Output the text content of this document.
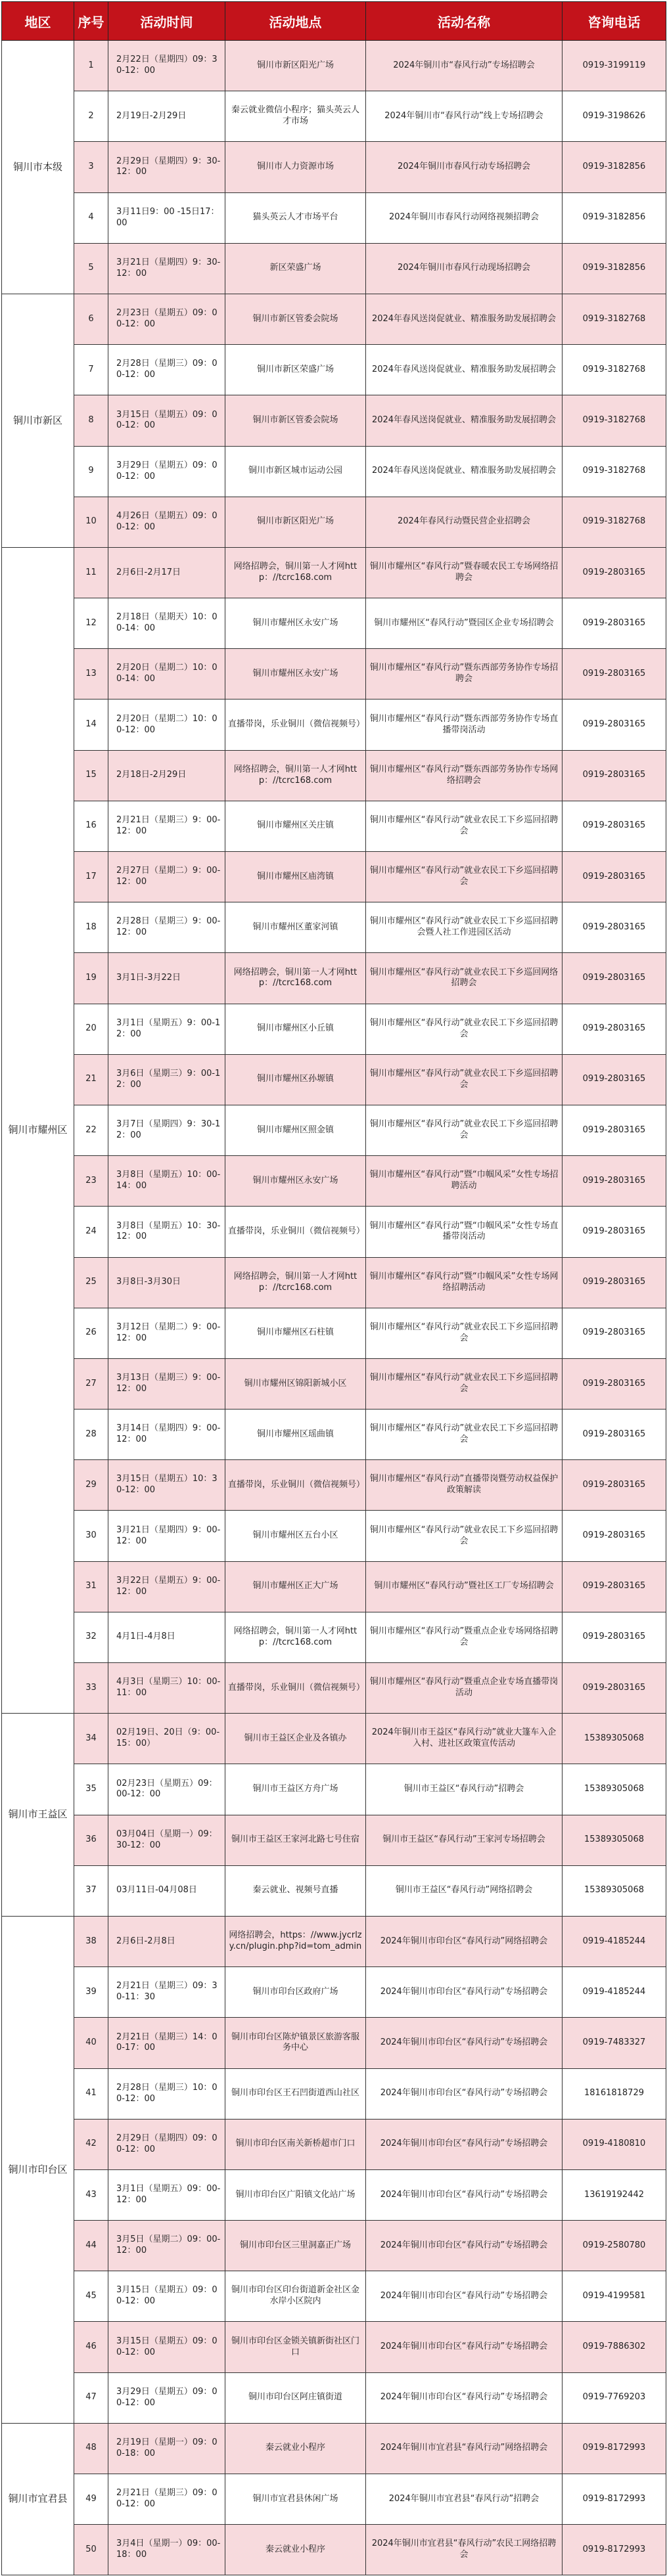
地区	序号	活动时间	活动地点	活动名称	咨询电话
铜川市本级	1	2月22日（星期四）09：30-12：00	铜川市新区阳光广场	2024年铜川市“春风行动”专场招聘会	0919-3199119
	2	2月19日-2月29日	秦云就业微信小程序；猫头英云人才市场	2024年铜川市“春风行动”线上专场招聘会	0919-3198626
	3	2月29日（星期四）9：30-12：00	铜川市人力资源市场	2024年铜川市春风行动专场招聘会	0919-3182856
	4	3月11日9：00 -15日17：00	猫头英云人才市场平台	2024年铜川市春风行动网络视频招聘会	0919-3182856
	5	3月21日（星期四）9：30-12：00	新区荣盛广场	2024年铜川市春风行动现场招聘会	0919-3182856
铜川市新区	6	2月23日（星期五）09：00-12：00	铜川市新区管委会院场	2024年春风送岗促就业、精准服务助发展招聘会	0919-3182768
	7	2月28日（星期三）09：00-12：00	铜川市新区荣盛广场	2024年春风送岗促就业、精准服务助发展招聘会	0919-3182768
	8	3月15日（星期五）09：00-12：00	铜川市新区管委会院场	2024年春风送岗促就业、精准服务助发展招聘会	0919-3182768
	9	3月29日（星期五）09：00-12：00	铜川市新区城市运动公园	2024年春风送岗促就业、精准服务助发展招聘会	0919-3182768
	10	4月26日（星期五）09：00-12：00	铜川市新区阳光广场	2024年春风行动暨民营企业招聘会	0919-3182768
铜川市耀州区	11	2月6日-2月17日	网络招聘会，铜川第一人才网http：//tcrc168.com	铜川市耀州区“春风行动”暨春暖农民工专场网络招聘会	0919-2803165
	12	2月18日（星期天）10：00-14：00	铜川市耀州区永安广场	铜川市耀州区“春风行动”暨园区企业专场招聘会	0919-2803165
	13	2月20日（星期二）10：00-14：00	铜川市耀州区永安广场	铜川市耀州区“春风行动”暨东西部劳务协作专场招聘会	0919-2803165
	14	2月20日（星期二）10：00-12：00	直播带岗，乐业铜川（微信视频号）	铜川市耀州区“春风行动”暨东西部劳务协作专场直播带岗活动	0919-2803165
	15	2月18日-2月29日	网络招聘会，铜川第一人才网http：//tcrc168.com	铜川市耀州区“春风行动”暨东西部劳务协作专场网络招聘会	0919-2803165
	16	2月21日（星期三）9：00-12：00	铜川市耀州区关庄镇	铜川市耀州区“春风行动”就业农民工下乡巡回招聘会	0919-2803165
	17	2月27日（星期二）9：00-12：00	铜川市耀州区庙湾镇	铜川市耀州区“春风行动”就业农民工下乡巡回招聘会	0919-2803165
	18	2月28日（星期三）9：00-12：00	铜川市耀州区董家河镇	铜川市耀州区“春风行动”就业农民工下乡巡回招聘会暨人社工作进园区活动	0919-2803165
	19	3月1日-3月22日	网络招聘会，铜川第一人才网http：//tcrc168.com	铜川市耀州区“春风行动”就业农民工下乡巡回网络招聘会	0919-2803165
	20	3月1日（星期五）9：00-12：00	铜川市耀州区小丘镇	铜川市耀州区“春风行动”就业农民工下乡巡回招聘会	0919-2803165
	21	3月6日（星期三）9：00-12：00	铜川市耀州区孙塬镇	铜川市耀州区“春风行动”就业农民工下乡巡回招聘会	0919-2803165
	22	3月7日（星期四）9：30-12：00	铜川市耀州区照金镇	铜川市耀州区“春风行动”就业农民工下乡巡回招聘会	0919-2803165
	23	3月8日（星期五）10：00-14：00	铜川市耀州区永安广场	铜川市耀州区“春风行动”暨“巾帼风采”女性专场招聘活动	0919-2803165
	24	3月8日（星期五）10：30-12：00	直播带岗，乐业铜川（微信视频号）	铜川市耀州区“春风行动”暨“巾帼风采”女性专场直播带岗活动	0919-2803165
	25	3月8日-3月30日	网络招聘会，铜川第一人才网http：//tcrc168.com	铜川市耀州区“春风行动”暨“巾帼风采”女性专场网络招聘活动	0919-2803165
	26	3月12日（星期二）9：00-12：00	铜川市耀州区石柱镇	铜川市耀州区“春风行动”就业农民工下乡巡回招聘会	0919-2803165
	27	3月13日（星期三）9：00-12：00	铜川市耀州区锦阳新城小区	铜川市耀州区“春风行动”就业农民工下乡巡回招聘会	0919-2803165
	28	3月14日（星期四）9：00-12：00	铜川市耀州区瑶曲镇	铜川市耀州区“春风行动”就业农民工下乡巡回招聘会	0919-2803165
	29	3月15日（星期五）10：30-12：00	直播带岗，乐业铜川（微信视频号）	铜川市耀州区“春风行动”直播带岗暨劳动权益保护政策解读	0919-2803165
	30	3月21日（星期四）9：00-12：00	铜川市耀州区五台小区	铜川市耀州区“春风行动”就业农民工下乡巡回招聘会	0919-2803165
	31	3月22日（星期五）9：00-12：00	铜川市耀州区正大广场	铜川市耀州区“春风行动”暨社区工厂专场招聘会	0919-2803165
	32	4月1日-4月8日	网络招聘会，铜川第一人才网http：//tcrc168.com	铜川市耀州区“春风行动”暨重点企业专场网络招聘会	0919-2803165
	33	4月3日（星期三）10：00-11：00	直播带岗，乐业铜川（微信视频号）	铜川市耀州区“春风行动”暨重点企业专场直播带岗活动	0919-2803165
铜川市王益区	34	02月19日、20日（9：00-15：00）	铜川市王益区企业及各镇办	2024年铜川市王益区“春风行动”就业大篷车入企入村、进社区政策宣传活动	15389305068
	35	02月23日（星期五）09：00-12：00	铜川市王益区方舟广场	铜川市王益区“春风行动”招聘会	15389305068
	36	03月04日（星期一）09：30-12：00	铜川市王益区王家河北路七号住宿	铜川市王益区“春风行动”王家河专场招聘会	15389305068
	37	03月11日-04月08日	秦云就业、视频号直播	铜川市王益区“春风行动”网络招聘会	15389305068
铜川市印台区	38	2月6日-2月8日	网络招聘会，https：//www.jycrlzy.cn/plugin.php?id=tom_admin	2024年铜川市印台区“春风行动”网络招聘会	0919-4185244
	39	2月21日（星期三）09：30-11：30	铜川市印台区政府广场	2024年铜川市印台区“春风行动”专场招聘会	0919-4185244
	40	2月21日（星期三）14：00-17：00	铜川市印台区陈炉镇景区旅游客服务中心	2024年铜川市印台区“春风行动”专场招聘会	0919-7483327
	41	2月28日（星期三）10：00-12：00	铜川市印台区王石凹街道西山社区	2024年铜川市印台区“春风行动”专场招聘会	18161818729
	42	2月29日（星期四）09：00-12：00	铜川市印台区南关新桥超市门口	2024年铜川市印台区“春风行动”专场招聘会	0919-4180810
	43	3月1日（星期五）09：00-12：00	铜川市印台区广阳镇文化站广场	2024年铜川市印台区“春风行动”专场招聘会	13619192442
	44	3月5日（星期二）09：00-12：00	铜川市印台区三里洞嘉正广场	2024年铜川市印台区“春风行动”专场招聘会	0919-2580780
	45	3月15日（星期五）09：00-12：00	铜川市印台区印台街道新金社区金水岸小区院内	2024年铜川市印台区“春风行动”专场招聘会	0919-4199581
	46	3月15日（星期五）09：00-12：00	铜川市印台区金锁关镇新街社区门口	2024年铜川市印台区“春风行动”专场招聘会	0919-7886302
	47	3月29日（星期五）09：00-12：00	铜川市印台区阿庄镇街道	2024年铜川市印台区“春风行动”专场招聘会	0919-7769203
铜川市宜君县	48	2月19日（星期一）09：00-18：00	秦云就业小程序	2024年铜川市宜君县“春风行动”网络招聘会	0919-8172993
	49	2月21日（星期三）09：00-12：00	铜川市宜君县休闲广场	2024年铜川市宜君县“春风行动”招聘会	0919-8172993
	50	3月4日（星期一）09：00-18：00	秦云就业小程序	2024年铜川市宜君县“春风行动”农民工网络招聘会	0919-8172993
